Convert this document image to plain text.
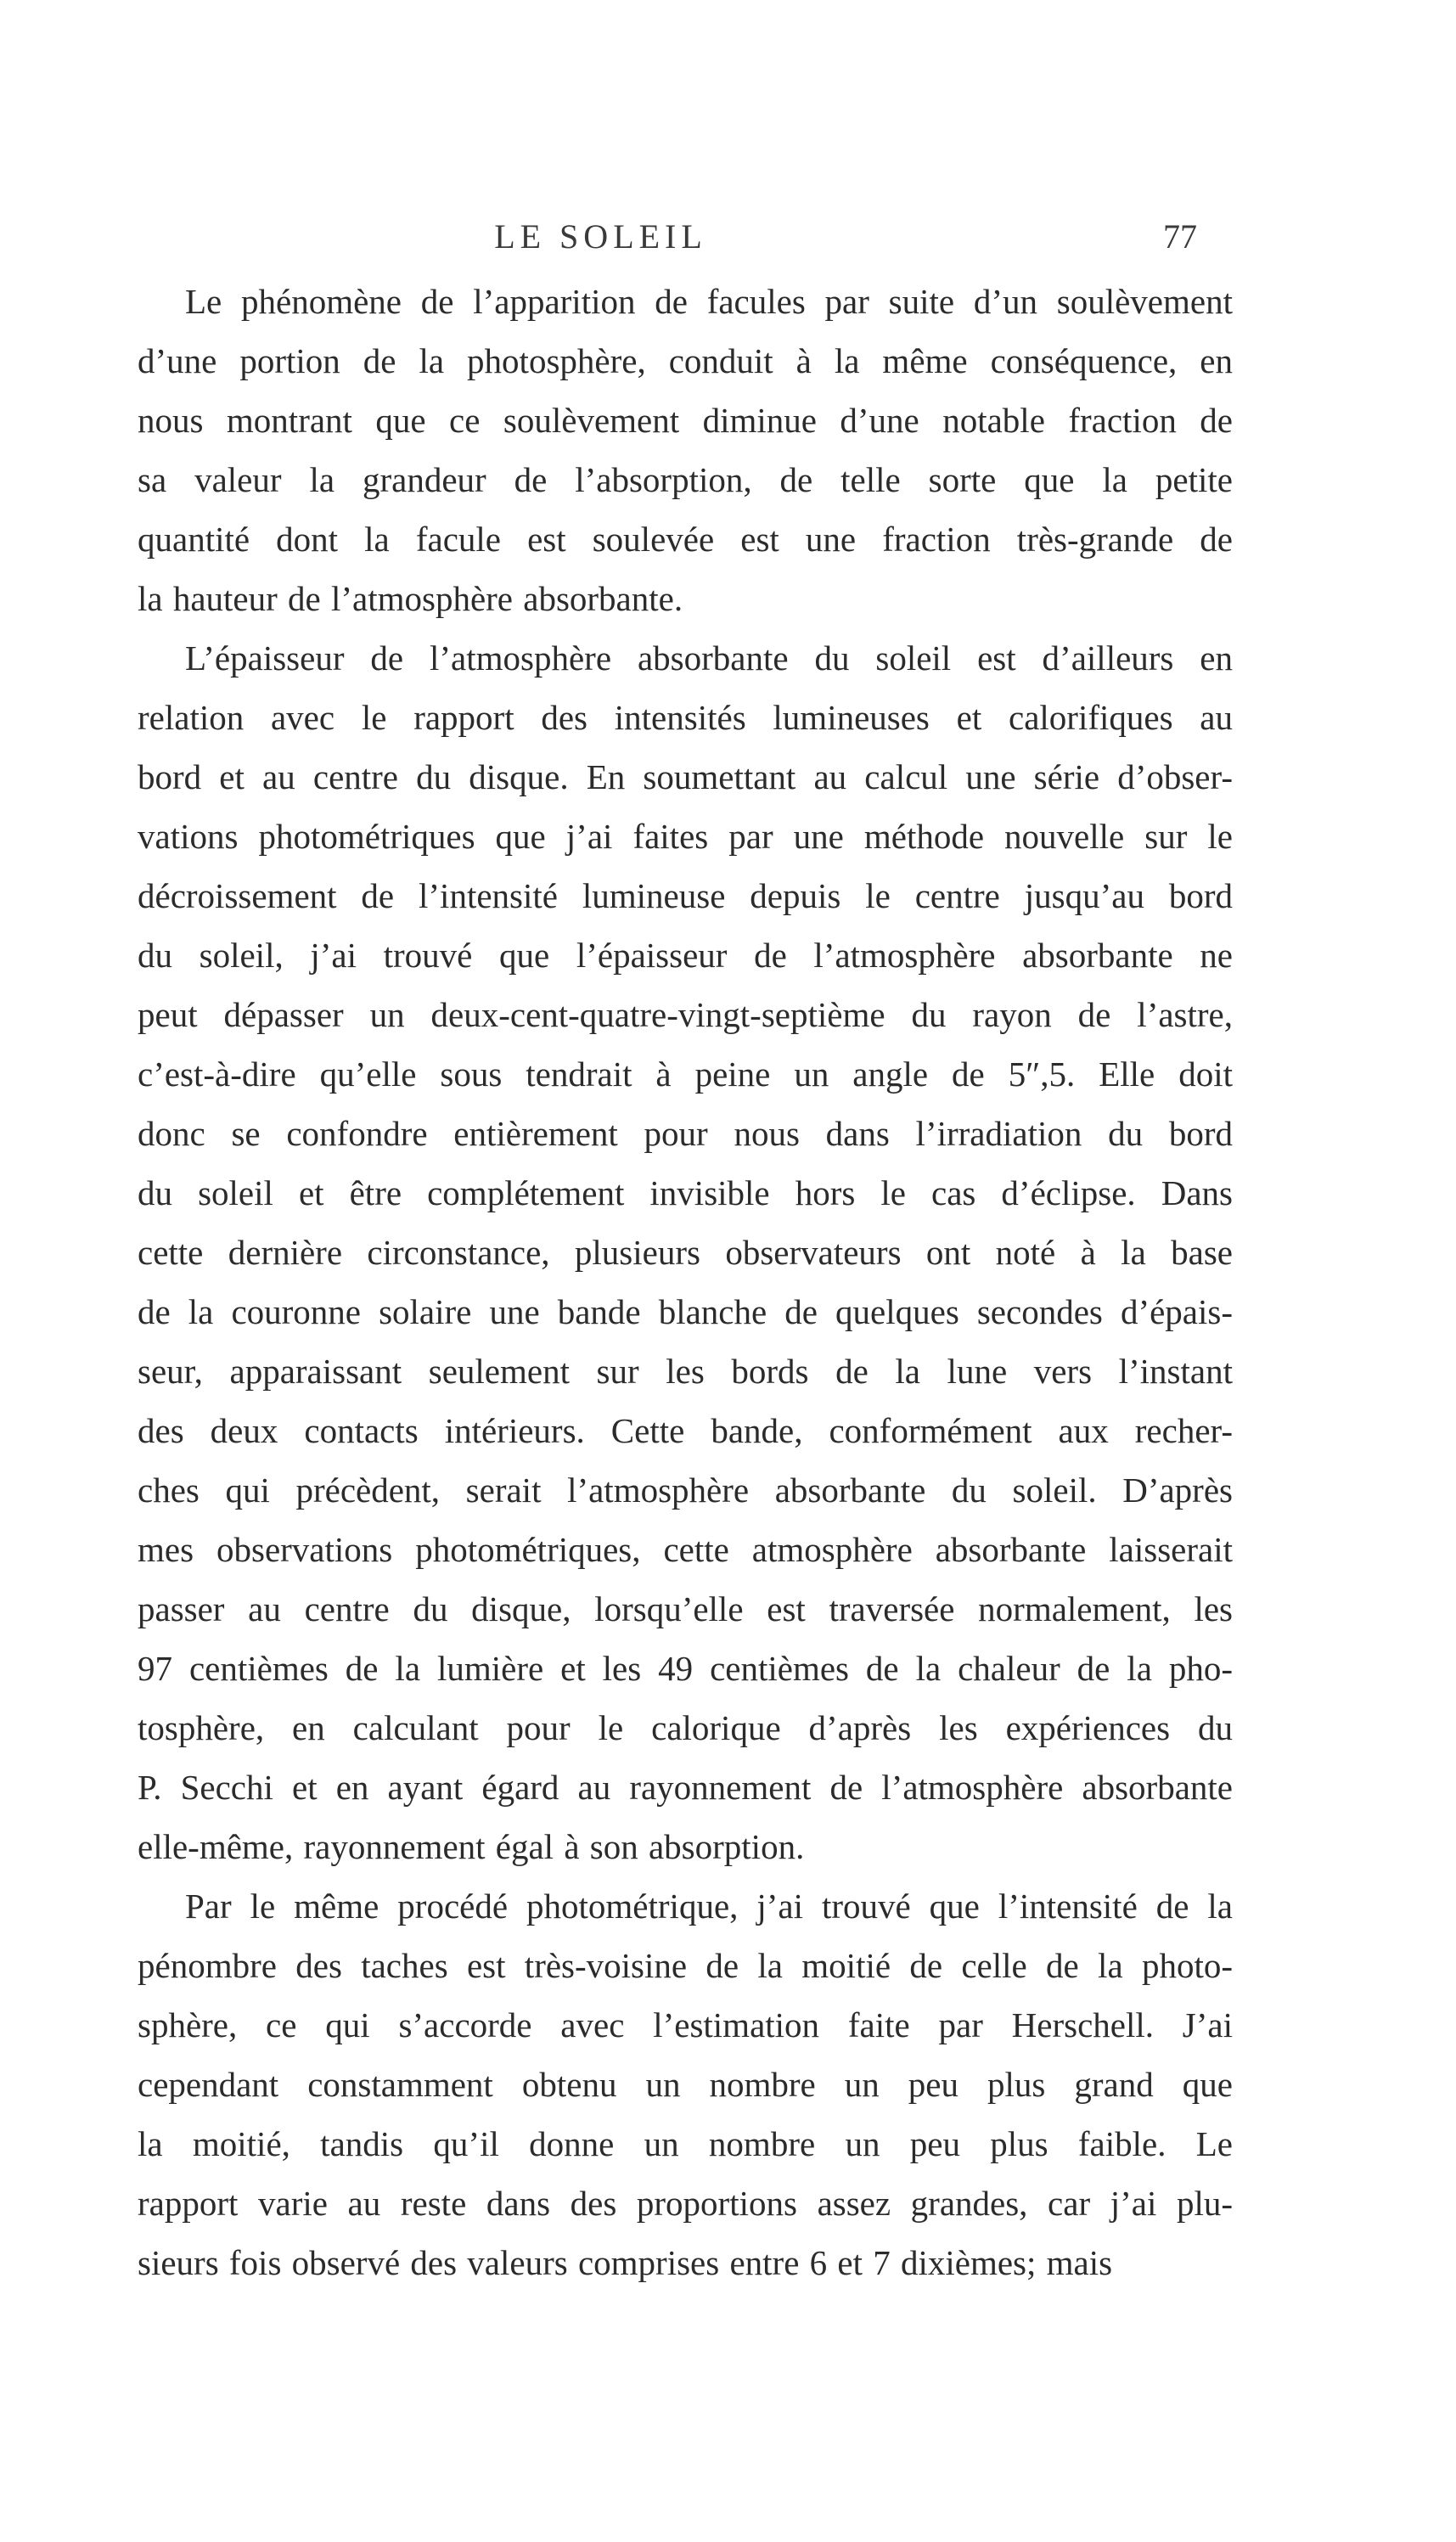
LE SOLEIL	77
Le phénomène de l’apparition de facules par suite d’un soulèvement
d’une portion de la photosphère, conduit à la même conséquence, en
nous montrant que ce soulèvement diminue d’une notable fraction de
sa valeur la grandeur de l’absorption, de telle sorte que la petite
quantité dont la facule est soulevée est une fraction très-grande de
la hauteur de l’atmosphère absorbante.
L’épaisseur de l’atmosphère absorbante du soleil est d’ailleurs en
relation avec le rapport des intensités lumineuses et calorifiques au
bord et au centre du disque. En soumettant au calcul une série d’obser-
vations photométriques que j’ai faites par une méthode nouvelle sur le
décroissement de l’intensité lumineuse depuis le centre jusqu’au bord
du soleil, j’ai trouvé que l’épaisseur de l’atmosphère absorbante ne
peut dépasser un deux-cent-quatre-vingt-septième du rayon de l’astre,
c’est-à-dire qu’elle sous tendrait à peine un angle de 5″,5. Elle doit
donc se confondre entièrement pour nous dans l’irradiation du bord
du soleil et être complétement invisible hors le cas d’éclipse. Dans
cette dernière circonstance, plusieurs observateurs ont noté à la base
de la couronne solaire une bande blanche de quelques secondes d’épais-
seur, apparaissant seulement sur les bords de la lune vers l’instant
des deux contacts intérieurs. Cette bande, conformément aux recher-
ches qui précèdent, serait l’atmosphère absorbante du soleil. D’après
mes observations photométriques, cette atmosphère absorbante laisserait
passer au centre du disque, lorsqu’elle est traversée normalement, les
97 centièmes de la lumière et les 49 centièmes de la chaleur de la pho-
tosphère, en calculant pour le calorique d’après les expériences du
P. Secchi et en ayant égard au rayonnement de l’atmosphère absorbante
elle-même, rayonnement égal à son absorption.
Par le même procédé photométrique, j’ai trouvé que l’intensité de la
pénombre des taches est très-voisine de la moitié de celle de la photo-
sphère, ce qui s’accorde avec l’estimation faite par Herschell. J’ai
cependant constamment obtenu un nombre un peu plus grand que
la moitié, tandis qu’il donne un nombre un peu plus faible. Le
rapport varie au reste dans des proportions assez grandes, car j’ai plu-
sieurs fois observé des valeurs comprises entre 6 et 7 dixièmes; mais
